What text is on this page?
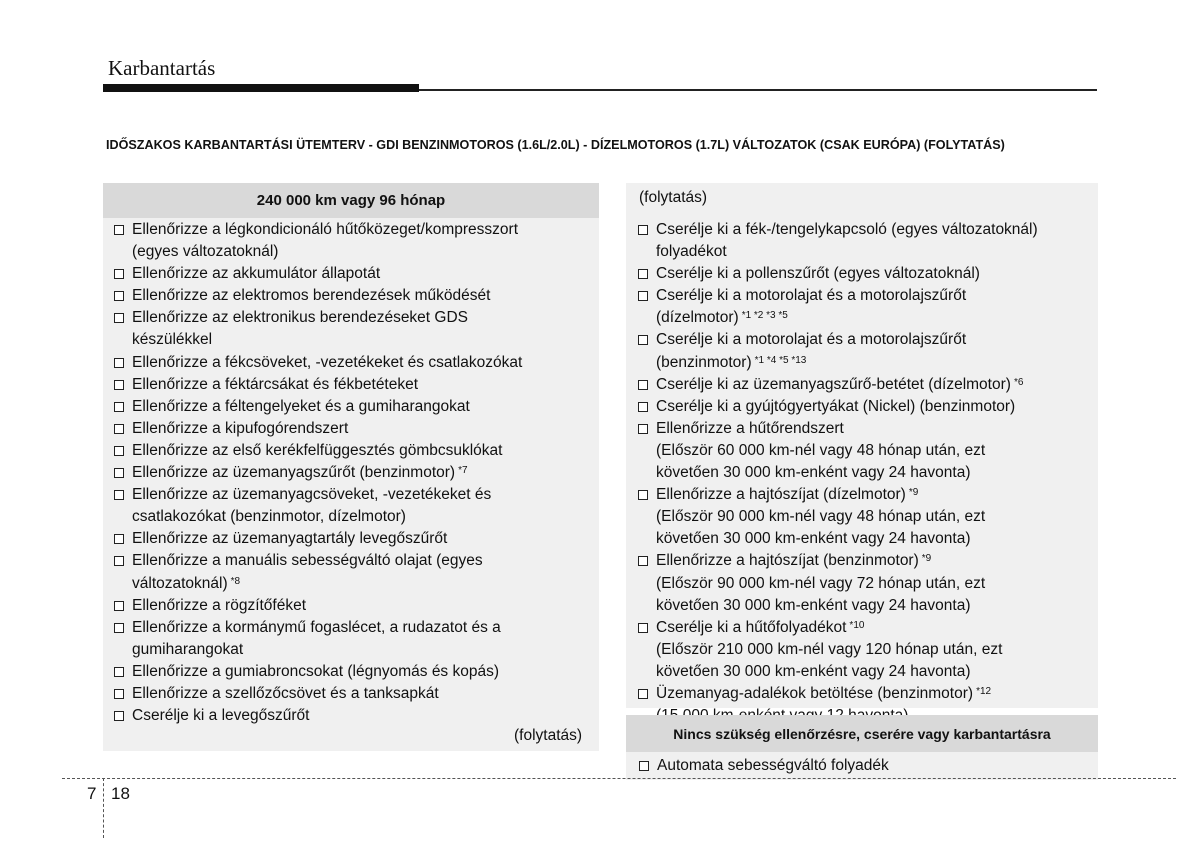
Karbantartás
IDŐSZAKOS KARBANTARTÁSI ÜTEMTERV - GDI BENZINMOTOROS (1.6L/2.0L) - DÍZELMOTOROS (1.7L) VÁLTOZATOK (CSAK EURÓPA) (FOLYTATÁS)
240 000 km vagy 96 hónap
Ellenőrizze a légkondicionáló hűtőközeget/kompresszort
(egyes változatoknál)
Ellenőrizze az akkumulátor állapotát
Ellenőrizze az elektromos berendezések működését
Ellenőrizze az elektronikus berendezéseket GDS
készülékkel
Ellenőrizze a fékcsöveket, -vezetékeket és csatlakozókat
Ellenőrizze a féktárcsákat és fékbetéteket
Ellenőrizze a féltengelyeket és a gumiharangokat
Ellenőrizze a kipufogórendszert
Ellenőrizze az első kerékfelfüggesztés gömbcsuklókat
Ellenőrizze az üzemanyagszűrőt (benzinmotor) $^{*7}$
Ellenőrizze az üzemanyagcsöveket, -vezetékeket és
csatlakozókat (benzinmotor, dízelmotor)
Ellenőrizze az üzemanyagtartály levegőszűrőt
Ellenőrizze a manuális sebességváltó olajat (egyes
változatoknál) $^{*8}$
Ellenőrizze a rögzítőféket
Ellenőrizze a kormánymű fogaslécet, a rudazatot és a
gumiharangokat
Ellenőrizze a gumiabroncsokat (légnyomás és kopás)
Ellenőrizze a szellőzőcsövet és a tanksapkát
Cserélje ki a levegőszűrőt
(folytatás)
(folytatás)
Cserélje ki a fék-/tengelykapcsoló (egyes változatoknál)
folyadékot
Cserélje ki a pollenszűrőt (egyes változatoknál)
Cserélje ki a motorolajat és a motorolajszűrőt
(dízelmotor) $^{*1 *2 *3 *5}$
Cserélje ki a motorolajat és a motorolajszűrőt
(benzinmotor) $^{*1 *4 *5 *13}$
Cserélje ki az üzemanyagszűrő-betétet (dízelmotor) $^{*6}$
Cserélje ki a gyújtógyertyákat (Nickel) (benzinmotor)
Ellenőrizze a hűtőrendszert
(Először 60 000 km-nél vagy 48 hónap után, ezt
követően 30 000 km-enként vagy 24 havonta)
Ellenőrizze a hajtószíjat (dízelmotor) $^{*9}$
(Először 90 000 km-nél vagy 48 hónap után, ezt
követően 30 000 km-enként vagy 24 havonta)
Ellenőrizze a hajtószíjat (benzinmotor) $^{*9}$
(Először 90 000 km-nél vagy 72 hónap után, ezt
követően 30 000 km-enként vagy 24 havonta)
Cserélje ki a hűtőfolyadékot $^{*10}$
(Először 210 000 km-nél vagy 120 hónap után, ezt
követően 30 000 km-enként vagy 24 havonta)
Üzemanyag-adalékok betöltése (benzinmotor) $^{*12}$
Nincs szükség ellenőrzésre, cserére vagy karbantartásra
Automata sebességváltó folyadék
7 18
